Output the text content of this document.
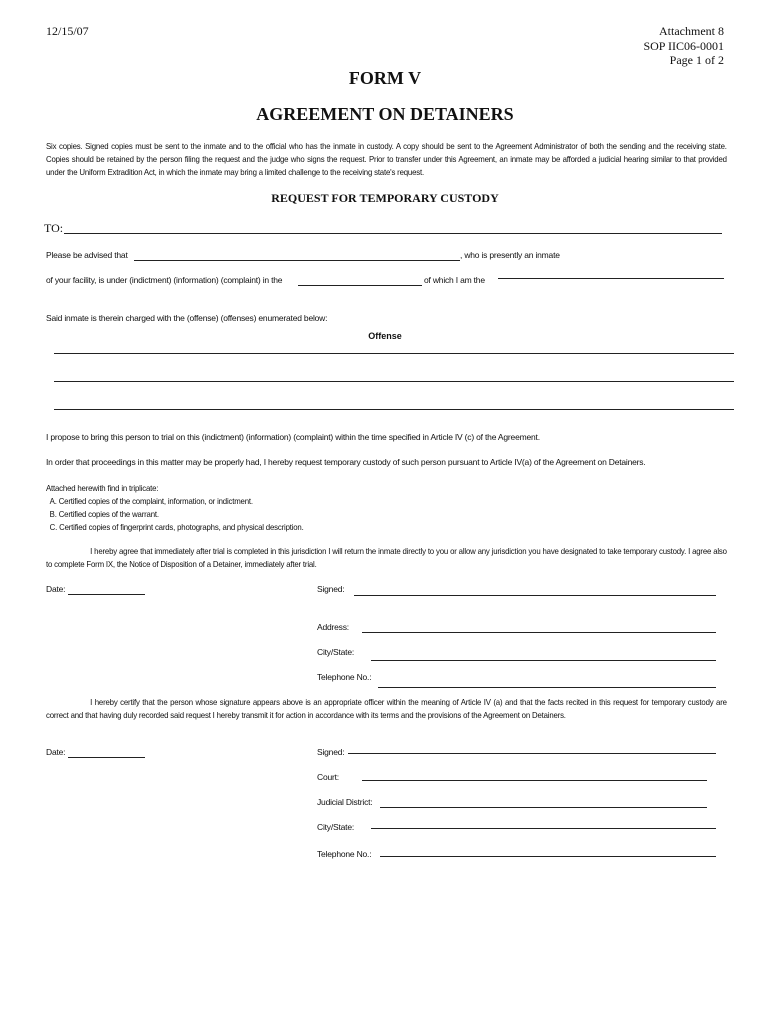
12/15/07	Attachment 8
SOP IIC06-0001
Page 1 of 2
FORM V
AGREEMENT ON DETAINERS
Six copies. Signed copies must be sent to the inmate and to the official who has the inmate in custody. A copy should be sent to the Agreement Administrator of both the sending and the receiving state. Copies should be retained by the person filing the request and the judge who signs the request. Prior to transfer under this Agreement, an inmate may be afforded a judicial hearing similar to that provided under the Uniform Extradition Act, in which the inmate may bring a limited challenge to the receiving state's request.
REQUEST FOR TEMPORARY CUSTODY
TO:
Please be advised that	, who is presently an inmate
of your facility, is under (indictment) (information) (complaint) in the	of which I am the
Said inmate is therein charged with the (offense) (offenses) enumerated below:
Offense
I propose to bring this person to trial on this (indictment) (information) (complaint) within the time specified in Article IV (c) of the Agreement.
In order that proceedings in this matter may be properly had, I hereby request temporary custody of such person pursuant to Article IV(a) of the Agreement on Detainers.
Attached herewith find in triplicate:
A. Certified copies of the complaint, information, or indictment.
B. Certified copies of the warrant.
C. Certified copies of fingerprint cards, photographs, and physical description.
I hereby agree that immediately after trial is completed in this jurisdiction I will return the inmate directly to you or allow any jurisdiction you have designated to take temporary custody. I agree also to complete Form IX, the Notice of Disposition of a Detainer, immediately after trial.
Date:	Signed:
Address:
City/State:
Telephone No.:
I hereby certify that the person whose signature appears above is an appropriate officer within the meaning of Article IV (a) and that the facts recited in this request for temporary custody are correct and that having duly recorded said request I hereby transmit it for action in accordance with its terms and the provisions of the Agreement on Detainers.
Date:	Signed:
Court:
Judicial District:
City/State:
Telephone No.:
